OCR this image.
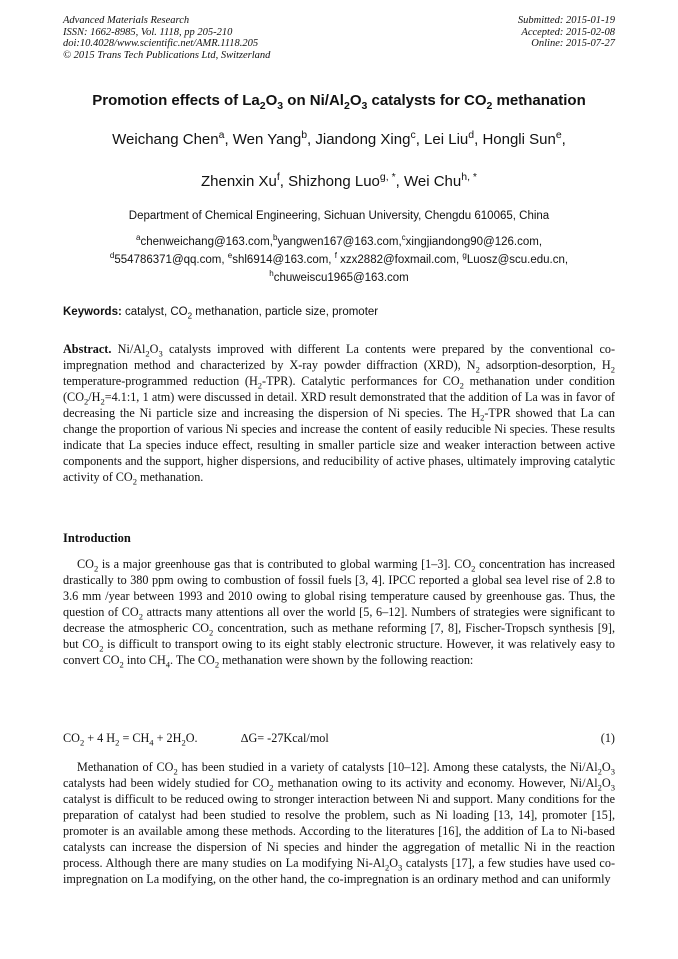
Advanced Materials Research
ISSN: 1662-8985, Vol. 1118, pp 205-210
doi:10.4028/www.scientific.net/AMR.1118.205
© 2015 Trans Tech Publications Ltd, Switzerland
Submitted: 2015-01-19
Accepted: 2015-02-08
Online: 2015-07-27
Promotion effects of $La_2O_3$ on $Ni/Al_2O_3$ catalysts for $CO_2$ methanation
Weichang Chen$^a$, Wen Yang$^b$, Jiandong Xing$^c$, Lei Liu$^d$, Hongli Sun$^e$,
Zhenxin Xu$^f$, Shizhong Luo$^{g, *}$, Wei Chu$^{h, *}$
Department of Chemical Engineering, Sichuan University, Chengdu 610065, China
$^a$chenweichang@163.com,$^b$yangwen167@163.com,$^c$xingjiandong90@126.com,
$^d$554786371@qq.com, $^e$shl6914@163.com, $^f$ xzx2882@foxmail.com, $^g$Luosz@scu.edu.cn,
$^h$chuweiscu1965@163.com
Keywords: catalyst, $CO_2$ methanation, particle size, promoter
Abstract. $Ni/Al_2O_3$ catalysts improved with different La contents were prepared by the conventional co-impregnation method and characterized by X-ray powder diffraction (XRD), $N_2$ adsorption-desorption, $H_2$ temperature-programmed reduction $(H_2-TPR)$. Catalytic performances for $CO_2$ methanation under condition ($CO_2/H_2=4.1:1$, 1 atm) were discussed in detail. XRD result demonstrated that the addition of La was in favor of decreasing the Ni particle size and increasing the dispersion of Ni species. The $H_2$-TPR showed that La can change the proportion of various Ni species and increase the content of easily reducible Ni species. These results indicate that La species induce effect, resulting in smaller particle size and weaker interaction between active components and the support, higher dispersions, and reducibility of active phases, ultimately improving catalytic activity of $CO_2$ methanation.
Introduction
$CO_2$ is a major greenhouse gas that is contributed to global warming [1–3]. $CO_2$ concentration has increased drastically to 380 ppm owing to combustion of fossil fuels [3, 4]. IPCC reported a global sea level rise of 2.8 to 3.6 mm /year between 1993 and 2010 owing to global rising temperature caused by greenhouse gas. Thus, the question of $CO_2$ attracts many attentions all over the world [5, 6–12]. Numbers of strategies were significant to decrease the atmospheric $CO_2$ concentration, such as methane reforming [7, 8], Fischer-Tropsch synthesis [9], but $CO_2$ is difficult to transport owing to its eight stably electronic structure. However, it was relatively easy to convert $CO_2$ into $CH_4$. The $CO_2$ methanation were shown by the following reaction:
$CO_2 + 4$ $H_2 = CH_4 + 2H_2O$.	∆G= -27Kcal/mol	(1)
Methanation of $CO_2$ has been studied in a variety of catalysts [10–12]. Among these catalysts, the $Ni/Al_2O_3$ catalysts had been widely studied for $CO_2$ methanation owing to its activity and economy. However, $Ni/Al_2O_3$ catalyst is difficult to be reduced owing to stronger interaction between Ni and support. Many conditions for the preparation of catalyst had been studied to resolve the problem, such as Ni loading [13, 14], promoter [15], promoter is an available among these methods. According to the literatures [16], the addition of La to Ni-based catalysts can increase the dispersion of Ni species and hinder the aggregation of metallic Ni in the reaction process. Although there are many studies on La modifying $Ni-Al_2O_3$ catalysts [17], a few studies have used co-impregnation on La modifying, on the other hand, the co-impregnation is an ordinary method and can uniformly
